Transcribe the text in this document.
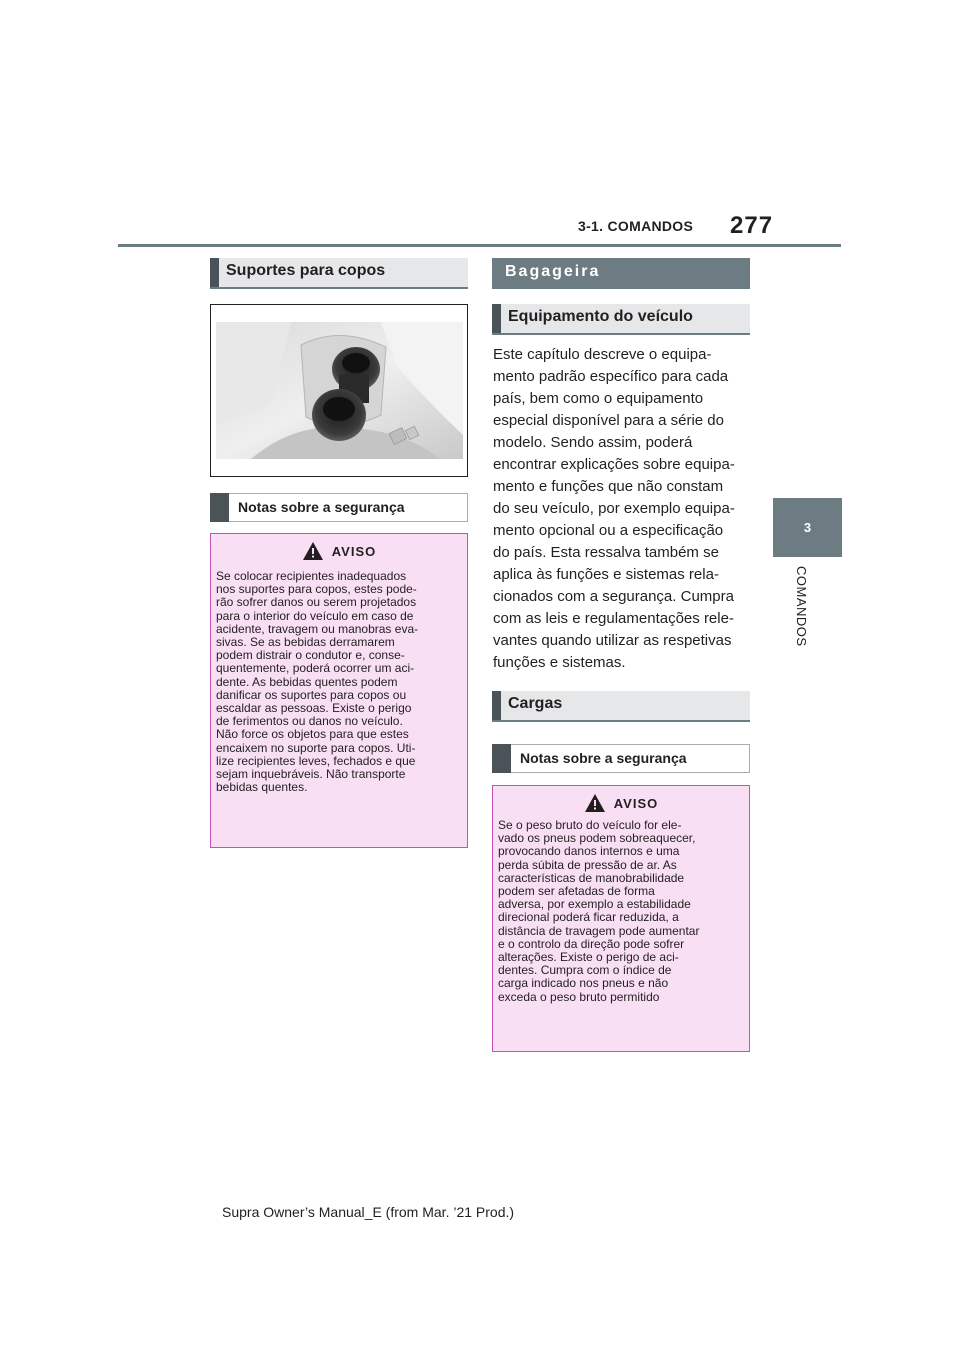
3-1. COMANDOS 277
3
COMANDOS
Suportes para copos
Notas sobre a segurança
AVISO
Se colocar recipientes inadequados
nos suportes para copos, estes pode-
rão sofrer danos ou serem projetados
para o interior do veículo em caso de
acidente, travagem ou manobras eva-
sivas. Se as bebidas derramarem
podem distrair o condutor e, conse-
quentemente, poderá ocorrer um aci-
dente. As bebidas quentes podem
danificar os suportes para copos ou
escaldar as pessoas. Existe o perigo
de ferimentos ou danos no veículo.
Não force os objetos para que estes
encaixem no suporte para copos. Uti-
lize recipientes leves, fechados e que
sejam inquebráveis. Não transporte
bebidas quentes.
Bagageira
Equipamento do veículo
Este capítulo descreve o equipa-
mento padrão específico para cada
país, bem como o equipamento
especial disponível para a série do
modelo. Sendo assim, poderá
encontrar explicações sobre equipa-
mento e funções que não constam
do seu veículo, por exemplo equipa-
mento opcional ou a especificação
do país. Esta ressalva também se
aplica às funções e sistemas rela-
cionados com a segurança. Cumpra
com as leis e regulamentações rele-
vantes quando utilizar as respetivas
funções e sistemas.
Cargas
Notas sobre a segurança
AVISO
Se o peso bruto do veículo for ele-
vado os pneus podem sobreaquecer,
provocando danos internos e uma
perda súbita de pressão de ar. As
características de manobrabilidade
podem ser afetadas de forma
adversa, por exemplo a estabilidade
direcional poderá ficar reduzida, a
distância de travagem pode aumentar
e o controlo da direção pode sofrer
alterações. Existe o perigo de aci-
dentes. Cumpra com o índice de
carga indicado nos pneus e não
exceda o peso bruto permitido
Supra Owner’s Manual_E (from Mar. ’21 Prod.)
